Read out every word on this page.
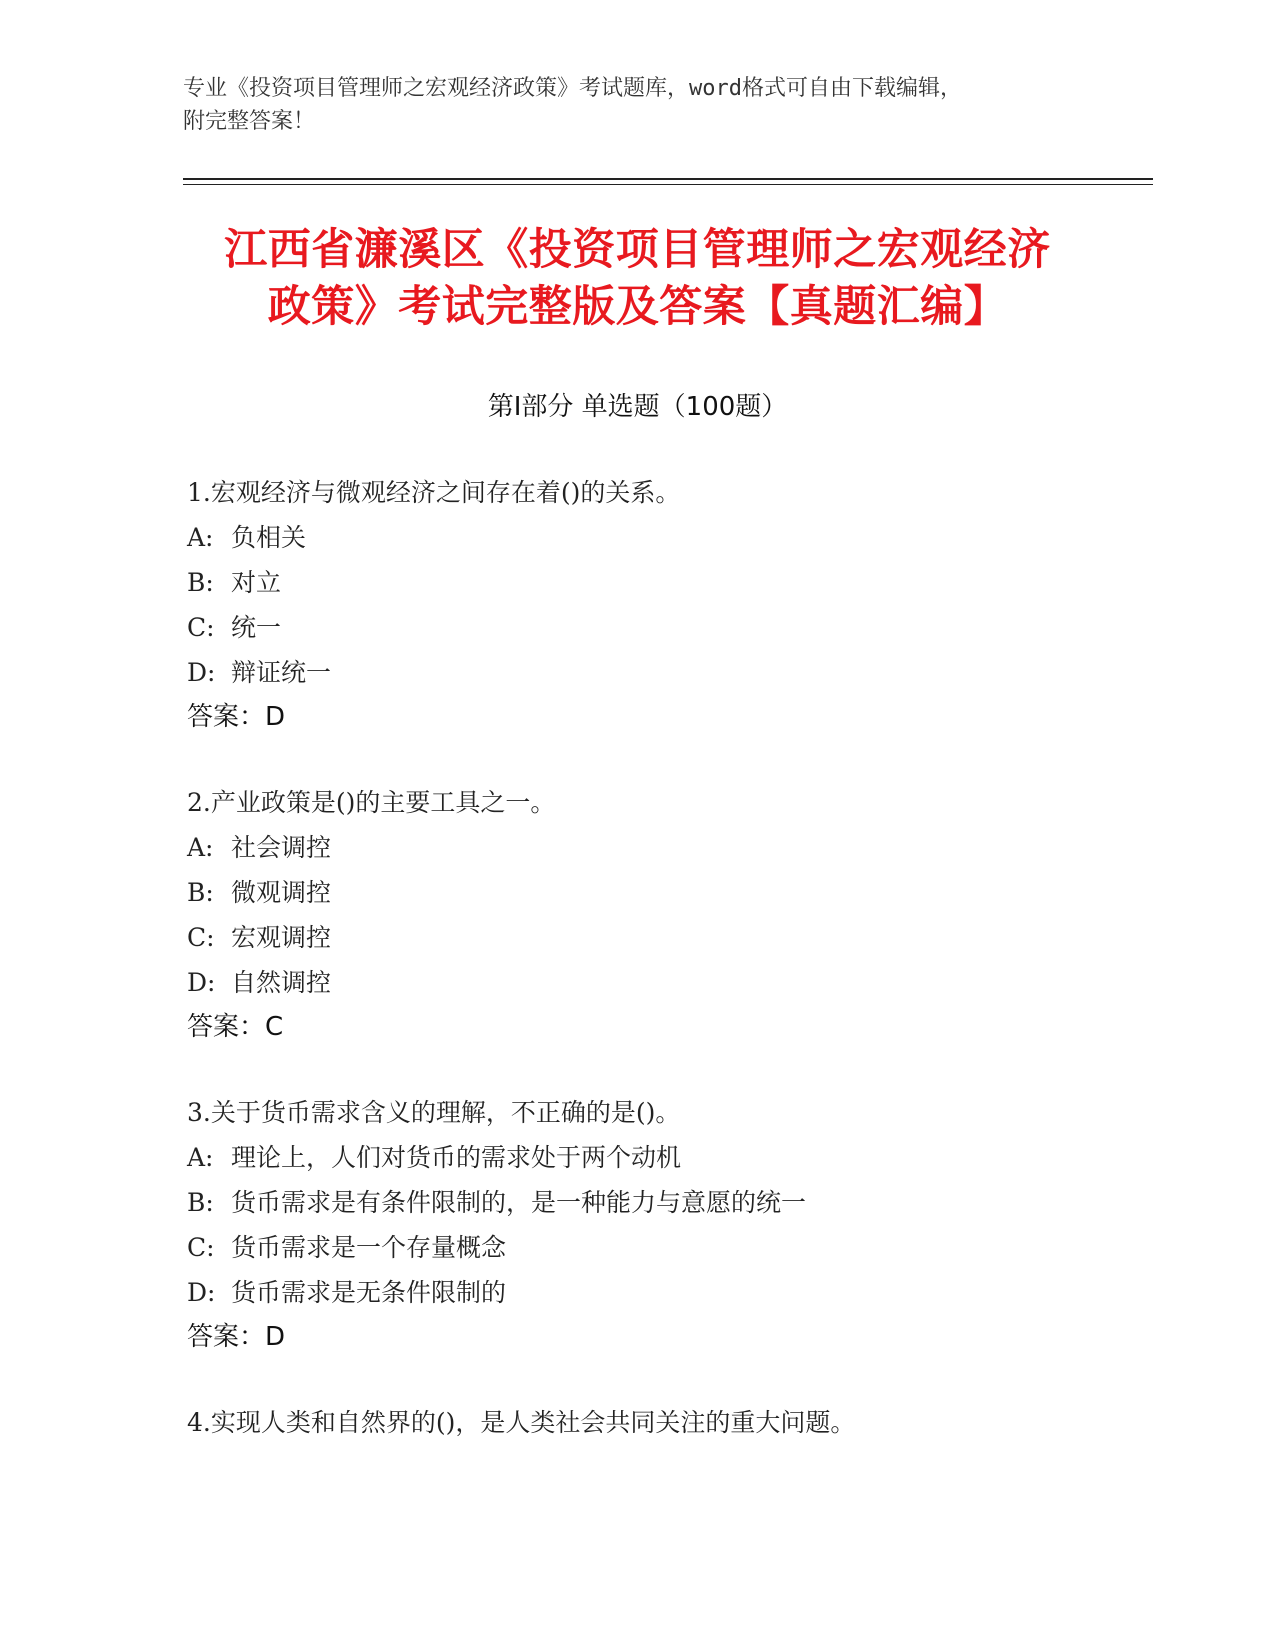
专业《投资项目管理师之宏观经济政策》考试题库，word格式可自由下载编辑，
附完整答案！
江西省濂溪区《投资项目管理师之宏观经济
政策》考试完整版及答案【真题汇编】
第Ⅰ部分 单选题（100题）
1.宏观经济与微观经济之间存在着()的关系。
A: 负相关
B: 对立
C: 统一
D: 辩证统一
答案：D
2.产业政策是()的主要工具之一。
A: 社会调控
B: 微观调控
C: 宏观调控
D: 自然调控
答案：C
3.关于货币需求含义的理解，不正确的是()。
A: 理论上，人们对货币的需求处于两个动机
B: 货币需求是有条件限制的，是一种能力与意愿的统一
C: 货币需求是一个存量概念
D: 货币需求是无条件限制的
答案：D
4.实现人类和自然界的()，是人类社会共同关注的重大问题。
